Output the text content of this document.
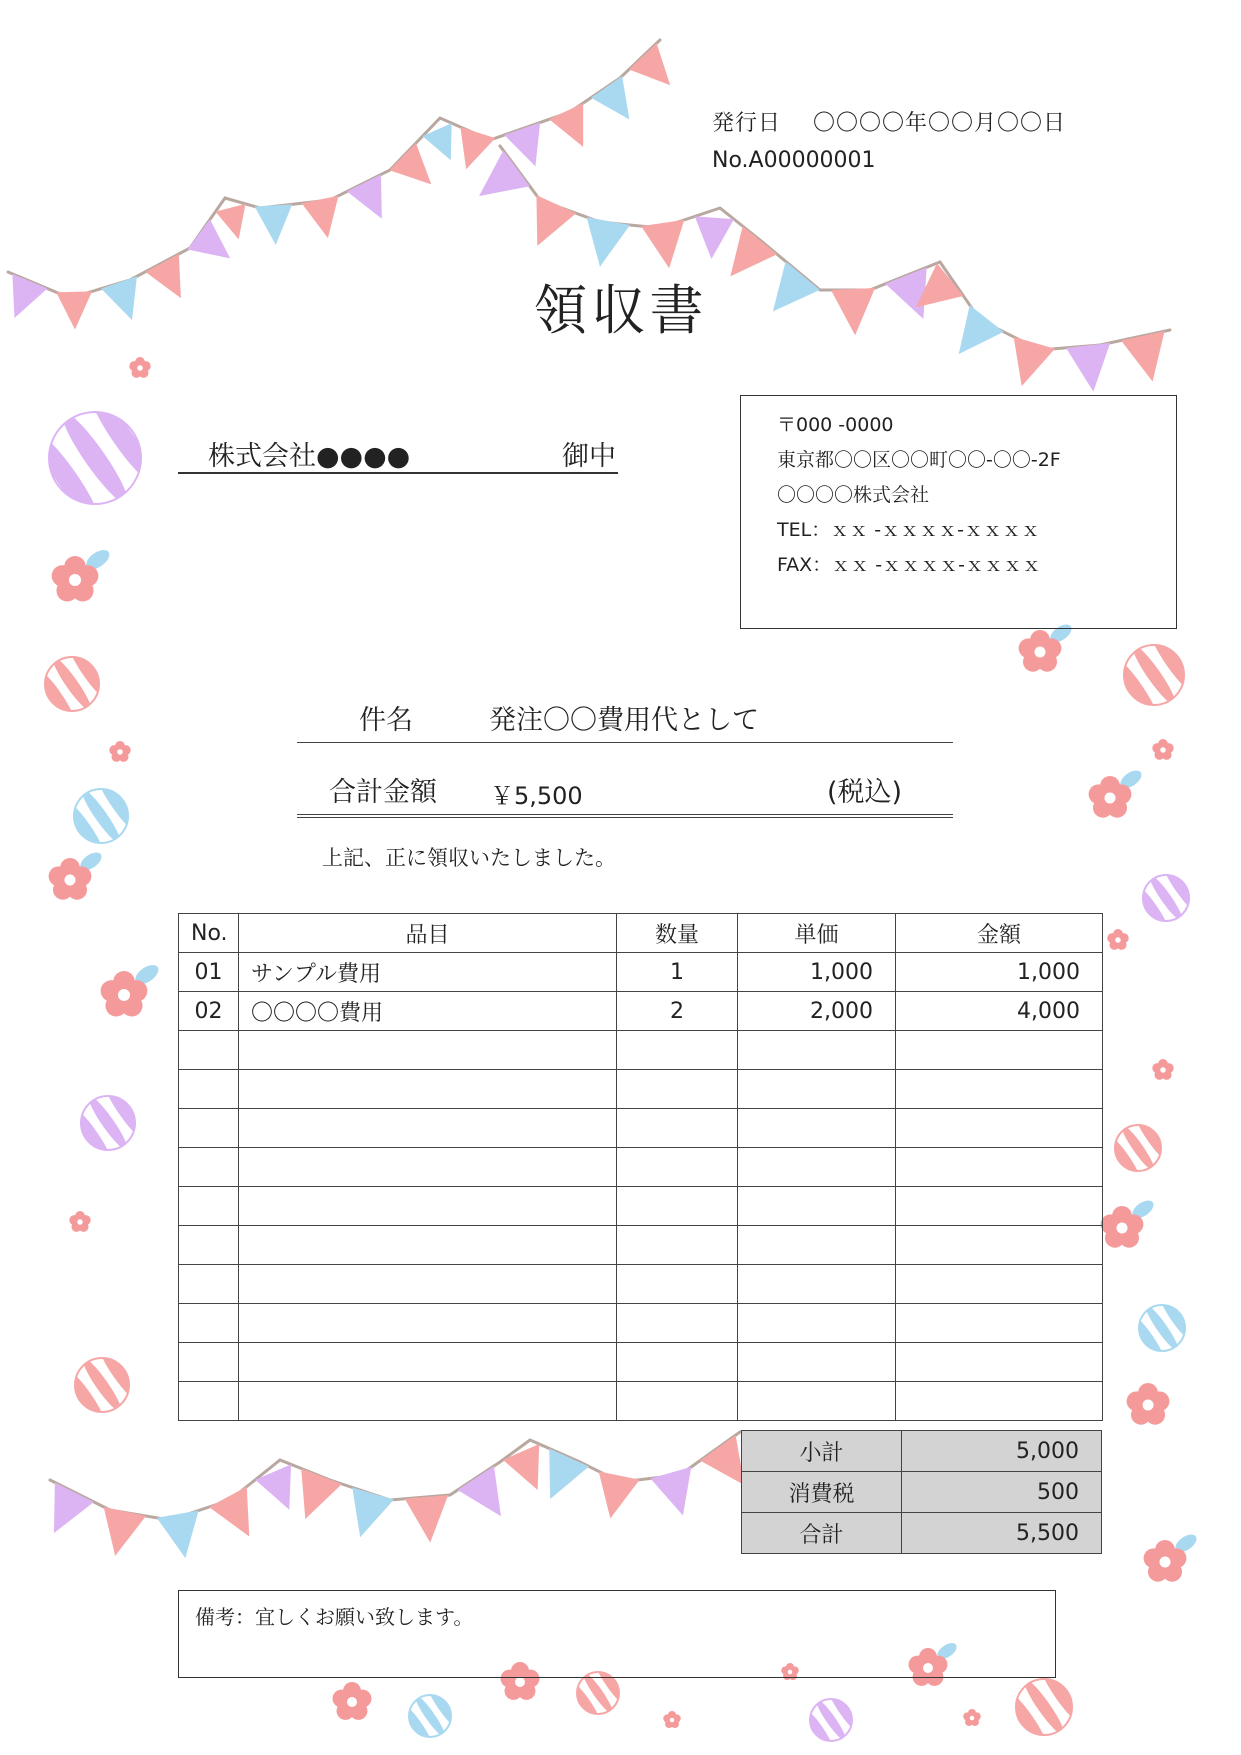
発行日 〇〇〇〇年〇〇月〇〇日
No.A00000001
領収書
株式会社●●●●	御中
〒000 -0000
東京都〇〇区〇〇町〇〇-〇〇-2F
〇〇〇〇株式会社
TEL：ｘｘ -ｘｘｘｘ-ｘｘｘｘ
FAX：ｘｘ -ｘｘｘｘ-ｘｘｘｘ
件名	発注〇〇費用代として
合計金額 ￥5,500	(税込)
上記、正に領収いたしました。
No.	品目	数量	単価	金額
01	サンプル費用	1	1,000	1,000
02	〇〇〇〇費用	2	2,000	4,000

小計	5,000
消費税	500
合計	5,500
備考：宜しくお願い致します。
